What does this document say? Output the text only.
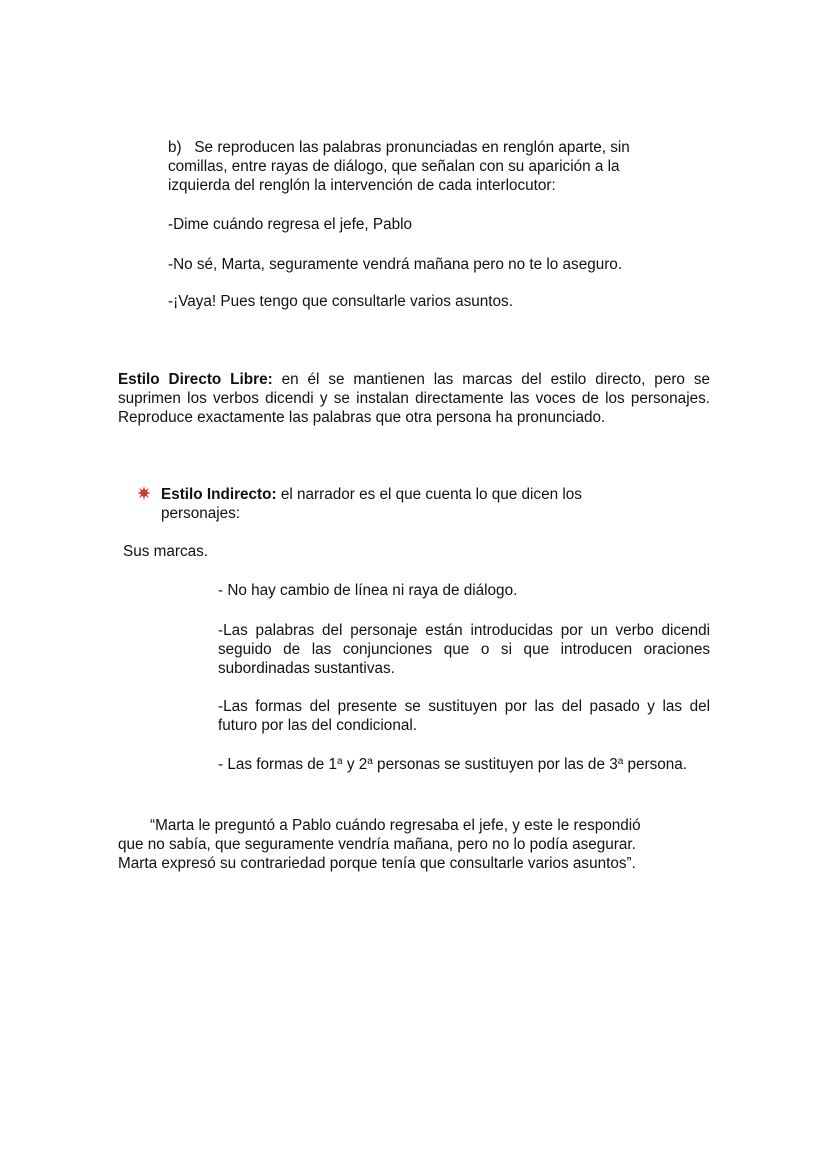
b) Se reproducen las palabras pronunciadas en renglón aparte, sin
comillas, entre rayas de diálogo, que señalan con su aparición a la
izquierda del renglón la intervención de cada interlocutor:

-Dime cuándo regresa el jefe, Pablo

-No sé, Marta, seguramente vendrá mañana pero no te lo aseguro.

-¡Vaya! Pues tengo que consultarle varios asuntos.

Estilo Directo Libre: en él se mantienen las marcas del estilo directo, pero se suprimen los verbos dicendi y se instalan directamente las voces de los personajes. Reproduce exactamente las palabras que otra persona ha pronunciado.

Estilo Indirecto: el narrador es el que cuenta lo que dicen los personajes:

Sus marcas.

- No hay cambio de línea ni raya de diálogo.

-Las palabras del personaje están introducidas por un verbo dicendi seguido de las conjunciones que o si que introducen oraciones subordinadas sustantivas.

-Las formas del presente se sustituyen por las del pasado y las del futuro por las del condicional.

- Las formas de 1$^a$ y 2$^a$ personas se sustituyen por las de 3$^a$ persona.

“Marta le preguntó a Pablo cuándo regresaba el jefe, y este le respondió
que no sabía, que seguramente vendría mañana, pero no lo podía asegurar.
Marta expresó su contrariedad porque tenía que consultarle varios asuntos”.
